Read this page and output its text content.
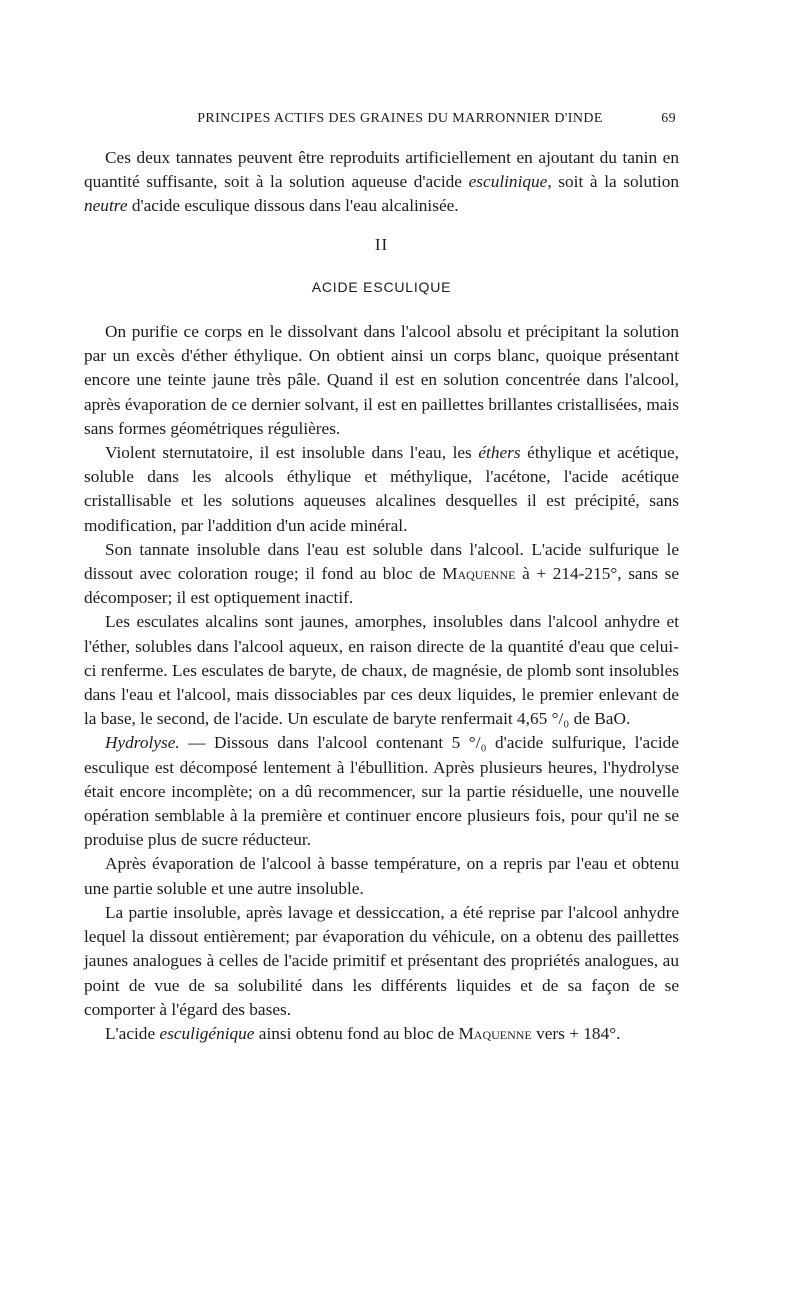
PRINCIPES ACTIFS DES GRAINES DU MARRONNIER D'INDE	69

Ces deux tannates peuvent être reproduits artificiellement en ajoutant du tanin en quantité suffisante, soit à la solution aqueuse d'acide esculinique, soit à la solution neutre d'acide esculique dissous dans l'eau alcalinisée.

II
ACIDE ESCULIQUE

On purifie ce corps en le dissolvant dans l'alcool absolu et précipitant la solution par un excès d'éther éthylique. On obtient ainsi un corps blanc, quoique présentant encore une teinte jaune très pâle. Quand il est en solution concentrée dans l'alcool, après évaporation de ce dernier solvant, il est en paillettes brillantes cristallisées, mais sans formes géométriques régulières.

Violent sternutatoire, il est insoluble dans l'eau, les éthers éthylique et acétique, soluble dans les alcools éthylique et méthylique, l'acétone, l'acide acétique cristallisable et les solutions aqueuses alcalines desquelles il est précipité, sans modification, par l'addition d'un acide minéral.

Son tannate insoluble dans l'eau est soluble dans l'alcool. L'acide sulfurique le dissout avec coloration rouge; il fond au bloc de Maquenne à + 214-215°, sans se décomposer; il est optiquement inactif.

Les esculates alcalins sont jaunes, amorphes, insolubles dans l'alcool anhydre et l'éther, solubles dans l'alcool aqueux, en raison directe de la quantité d'eau que celui-ci renferme. Les esculates de baryte, de chaux, de magnésie, de plomb sont insolubles dans l'eau et l'alcool, mais dissociables par ces deux liquides, le premier enlevant de la base, le second, de l'acide. Un esculate de baryte renfermait 4,65 °/₀ de BaO.

Hydrolyse. — Dissous dans l'alcool contenant 5 °/₀ d'acide sulfurique, l'acide esculique est décomposé lentement à l'ébullition. Après plusieurs heures, l'hydrolyse était encore incomplète; on a dû recommencer, sur la partie résiduelle, une nouvelle opération semblable à la première et continuer encore plusieurs fois, pour qu'il ne se produise plus de sucre réducteur.

Après évaporation de l'alcool à basse température, on a repris par l'eau et obtenu une partie soluble et une autre insoluble.

La partie insoluble, après lavage et dessiccation, a été reprise par l'alcool anhydre lequel la dissout entièrement; par évaporation du véhicule, on a obtenu des paillettes jaunes analogues à celles de l'acide primitif et présentant des propriétés analogues, au point de vue de sa solubilité dans les différents liquides et de sa façon de se comporter à l'égard des bases.

L'acide esculigénique ainsi obtenu fond au bloc de Maquenne vers + 184°.
